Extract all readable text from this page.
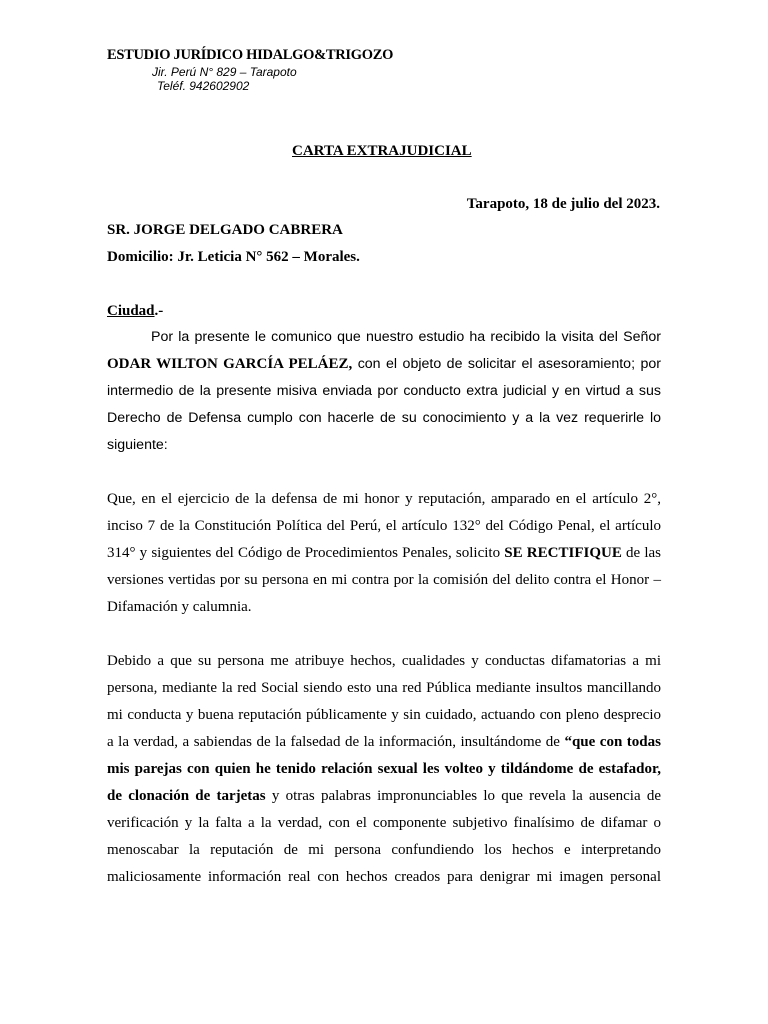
ESTUDIO JURÍDICO HIDALGO&TRIGOZO
Jir. Perú N° 829 – Tarapoto
Teléf. 942602902
CARTA EXTRAJUDICIAL
Tarapoto, 18 de julio del 2023.
SR. JORGE DELGADO CABRERA
Domicilio: Jr. Leticia N° 562 – Morales.
Ciudad.-
Por la presente le comunico que nuestro estudio ha recibido la visita del Señor
ODAR WILTON GARCÍA PELÁEZ, con el objeto de solicitar el asesoramiento; por
intermedio de la presente misiva enviada por conducto extra judicial y en virtud a sus
Derecho de Defensa cumplo con hacerle de su conocimiento y a la vez requerirle lo
siguiente:
Que, en el ejercicio de la defensa de mi honor y reputación, amparado en el artículo 2°,
inciso 7 de la Constitución Política del Perú, el artículo 132° del Código Penal, el artículo
314° y siguientes del Código de Procedimientos Penales, solicito SE RECTIFIQUE de las
versiones vertidas por su persona en mi contra por la comisión del delito contra el Honor –
Difamación y calumnia.
Debido a que su persona me atribuye hechos, cualidades y conductas difamatorias a mi
persona, mediante la red Social siendo esto una red Pública mediante insultos mancillando
mi conducta y buena reputación públicamente y sin cuidado, actuando con pleno desprecio
a la verdad, a sabiendas de la falsedad de la información, insultándome de “que con todas
mis parejas con quien he tenido relación sexual les volteo y tildándome de estafador,
de clonación de tarjetas y otras palabras impronunciables lo que revela la ausencia de
verificación y la falta a la verdad, con el componente subjetivo finalísimo de difamar o
menoscabar la reputación de mi persona confundiendo los hechos e interpretando
maliciosamente información real con hechos creados para denigrar mi imagen personal
